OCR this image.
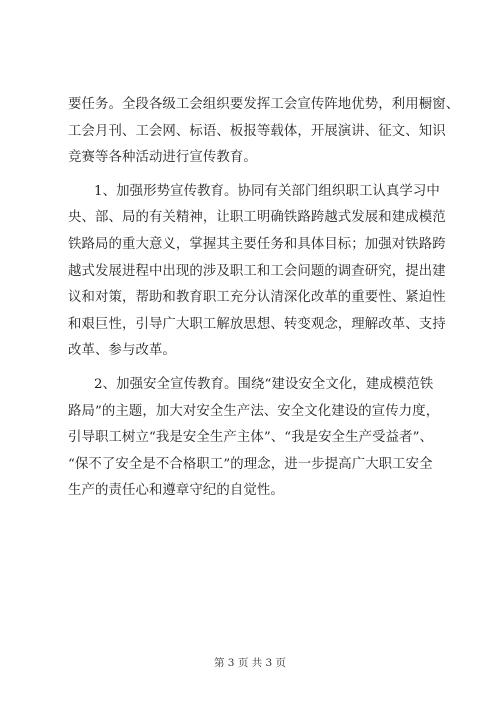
要任务。全段各级工会组织要发挥工会宣传阵地优势，利用橱窗、
工会月刊、工会网、标语、板报等载体，开展演讲、征文、知识
竞赛等各种活动进行宣传教育。

1、加强形势宣传教育。协同有关部门组织职工认真学习中
央、部、局的有关精神，让职工明确铁路跨越式发展和建成模范
铁路局的重大意义，掌握其主要任务和具体目标；加强对铁路跨
越式发展进程中出现的涉及职工和工会问题的调查研究，提出建
议和对策，帮助和教育职工充分认清深化改革的重要性、紧迫性
和艰巨性，引导广大职工解放思想、转变观念，理解改革、支持
改革、参与改革。

2、加强安全宣传教育。围绕“建设安全文化，建成模范铁
路局”的主题，加大对安全生产法、安全文化建设的宣传力度，
引导职工树立“我是安全生产主体”、“我是安全生产受益者”、
“保不了安全是不合格职工”的理念，进一步提高广大职工安全
生产的责任心和遵章守纪的自觉性。

第 3 页 共 3 页
